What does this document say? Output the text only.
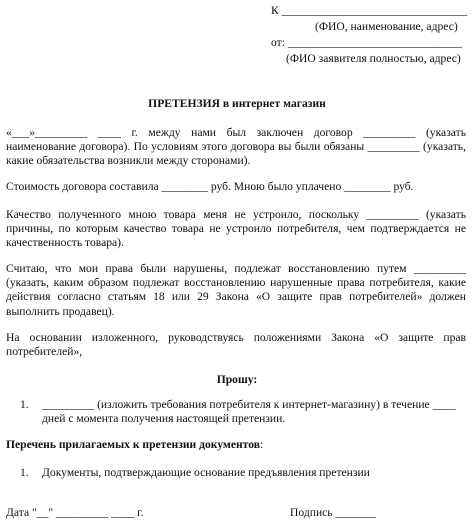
К ________________________________
(ФИО, наименование, адрес)
от: ______________________________
(ФИО заявителя полностью, адрес)
ПРЕТЕНЗИЯ в интернет магазин
«___»_________ ____ г. между нами был заключен договор _________ (указать наименование договора). По условиям этого договора вы были обязаны _________ (указать, какие обязательства возникли между сторонами).
Стоимость договора составила ________ руб. Мною было уплачено ________ руб.
Качество полученного мною товара меня не устроило, поскольку _________ (указать причины, по которым качество товара не устроило потребителя, чем подтверждается не качественность товара).
Считаю, что мои права были нарушены, подлежат восстановлению путем _________ (указать, каким образом подлежат восстановлению нарушенные права потребителя, какие действия согласно статьям 18 или 29 Закона «О защите прав потребителей» должен выполнить продавец).
На основании изложенного, руководствуясь положениями Закона «О защите прав потребителей»,
Прошу:
1. _________ (изложить требования потребителя к интернет-магазину) в течение ____
дней с момента получения настоящей претензии.
Перечень прилагаемых к претензии документов:
1. Документы, подтверждающие основание предъявления претензии
Дата "__" _________ ____ г.	Подпись _______
